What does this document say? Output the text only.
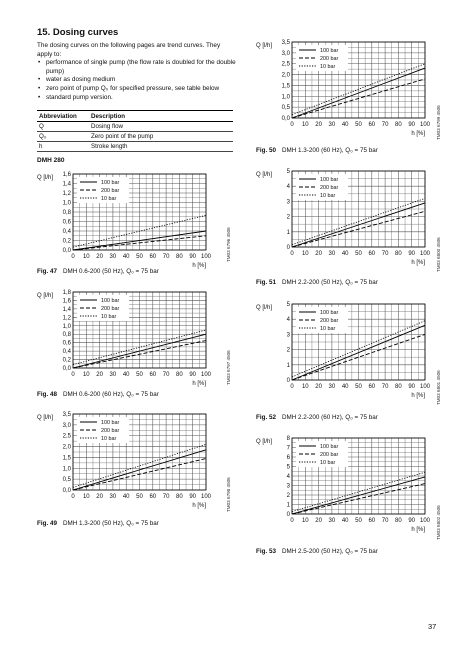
15. Dosing curves
The dosing curves on the following pages are trend curves. They apply to:
• performance of single pump (the flow rate is doubled for the double pump)
• water as dosing medium
• zero point of pump Q₀ for specified pressure, see table below
• standard pump version.
Abbreviation	Description
Q	Dosing flow
Q₀	Zero point of the pump
h	Stroke length
DMH 280
0,0
0,2
0,4
0,6
0,8
1,0
1,2
1,4
1,6
0 10 20 30 40 50 60 70 80 90 100
Q [l/h]
h [%]
100 bar
200 bar
10 bar
Fig. 47 DMH 0.6-200 (50 Hz), Q₀ = 75 bar
TM03 6796 4506
0,0
0,2
0,4
0,6
0,8
1,0
1,2
1,4
1,6
1,8
0 10 20 30 40 50 60 70 80 90 100
Q [l/h]
h [%]
100 bar
200 bar
10 bar
Fig. 48 DMH 0.6-200 (60 Hz), Q₀ = 75 bar
TM03 6797 4506
0,0
0,5
1,0
1,5
2,0
2,5
3,0
3,5
0 10 20 30 40 50 60 70 80 90 100
Q [l/h]
h [%]
100 bar
200 bar
10 bar
Fig. 49 DMH 1.3-200 (50 Hz), Q₀ = 75 bar
TM03 6798 4506
0,0
0,5
1,0
1,5
2,0
2,5
3,0
3,5
0 10 20 30 40 50 60 70 80 90 100
Q [l/h]
h [%]
100 bar
200 bar
10 bar
Fig. 50 DMH 1.3-200 (60 Hz), Q₀ = 75 bar
TM03 6799 4506
0
1
2
3
4
5
0 10 20 30 40 50 60 70 80 90 100
Q [l/h]
h [%]
100 bar
200 bar
10 bar
Fig. 51 DMH 2.2-200 (50 Hz), Q₀ = 75 bar
TM03 6800 4506
0
1
2
3
4
5
0 10 20 30 40 50 60 70 80 90 100
Q [l/h]
h [%]
100 bar
200 bar
10 bar
Fig. 52 DMH 2.2-200 (60 Hz), Q₀ = 75 bar
TM03 6801 4506
0
1
2
3
4
5
6
7
8
0 10 20 30 40 50 60 70 80 90 100
Q [l/h]
h [%]
100 bar
200 bar
10 bar
Fig. 53 DMH 2.5-200 (50 Hz), Q₀ = 75 bar
TM03 6802 4506
37
